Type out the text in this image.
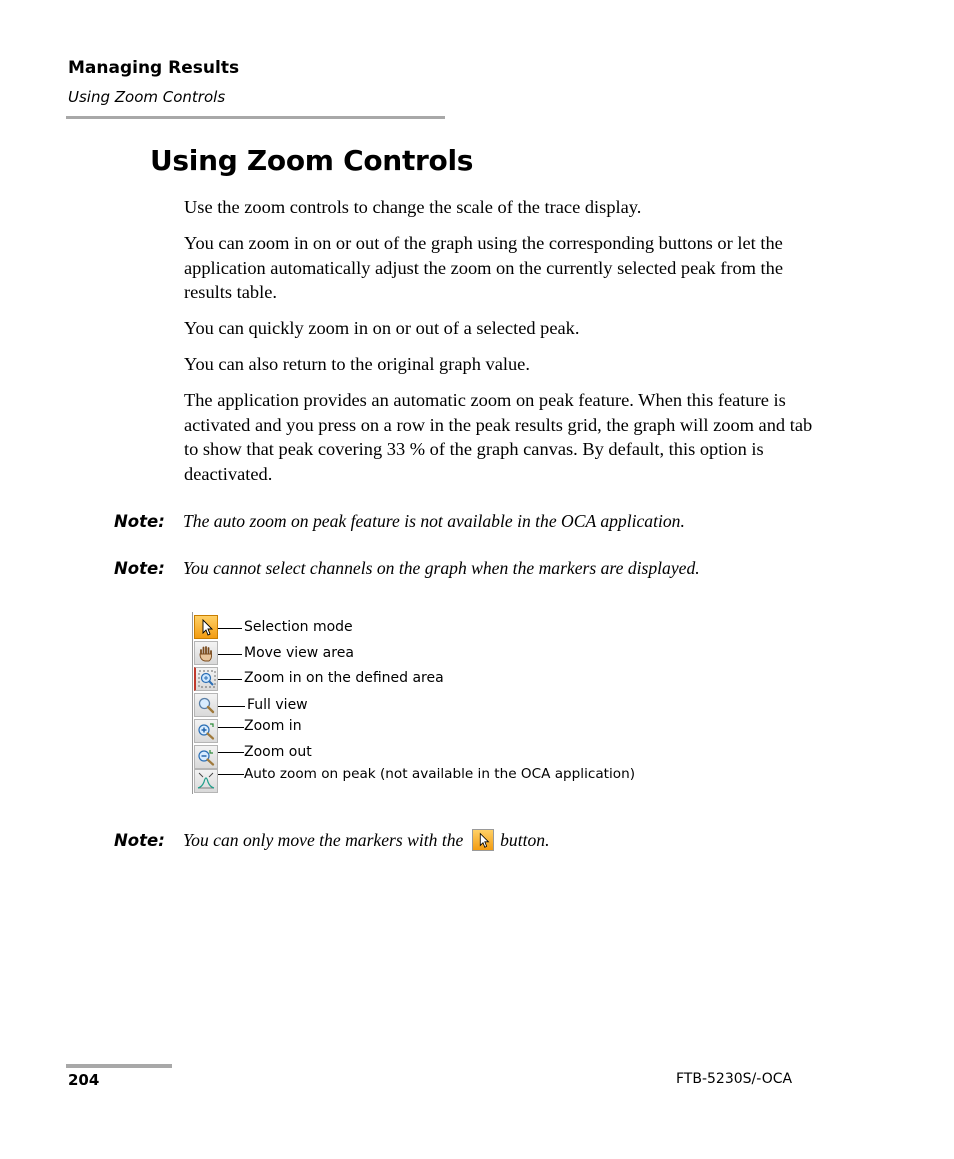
Managing Results
Using Zoom Controls
Using Zoom Controls
Use the zoom controls to change the scale of the trace display.
You can zoom in on or out of the graph using the corresponding buttons or let the application automatically adjust the zoom on the currently selected peak from the results table.
You can quickly zoom in on or out of a selected peak.
You can also return to the original graph value.
The application provides an automatic zoom on peak feature. When this feature is activated and you press on a row in the peak results grid, the graph will zoom and tab to show that peak covering 33 % of the graph canvas. By default, this option is deactivated.
Note: The auto zoom on peak feature is not available in the OCA application.
Note: You cannot select channels on the graph when the markers are displayed.
Selection mode
Move view area
Zoom in on the defined area
Full view
Zoom in
Zoom out
Auto zoom on peak (not available in the OCA application)
Note: You can only move the markers with the
button.
204	FTB-5230S/-OCA
